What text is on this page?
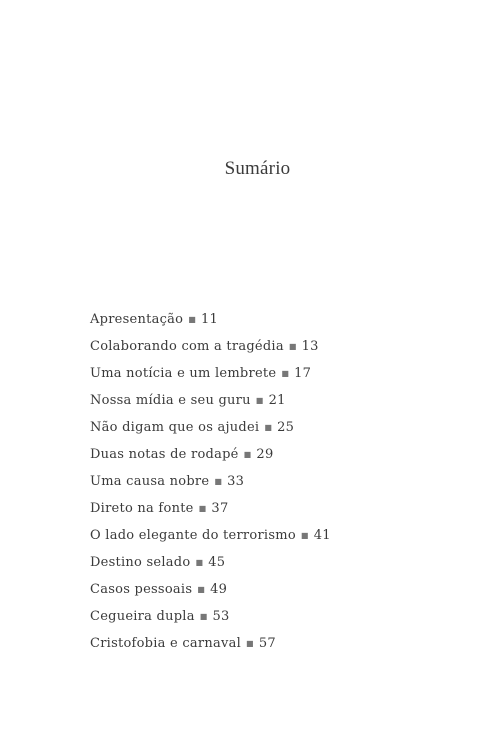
Sumário
Apresentação ■ 11
Colaborando com a tragédia ■ 13
Uma notícia e um lembrete ■ 17
Nossa mídia e seu guru ■ 21
Não digam que os ajudei ■ 25
Duas notas de rodapé ■ 29
Uma causa nobre ■ 33
Direto na fonte ■ 37
O lado elegante do terrorismo ■ 41
Destino selado ■ 45
Casos pessoais ■ 49
Cegueira dupla ■ 53
Cristofobia e carnaval ■ 57
